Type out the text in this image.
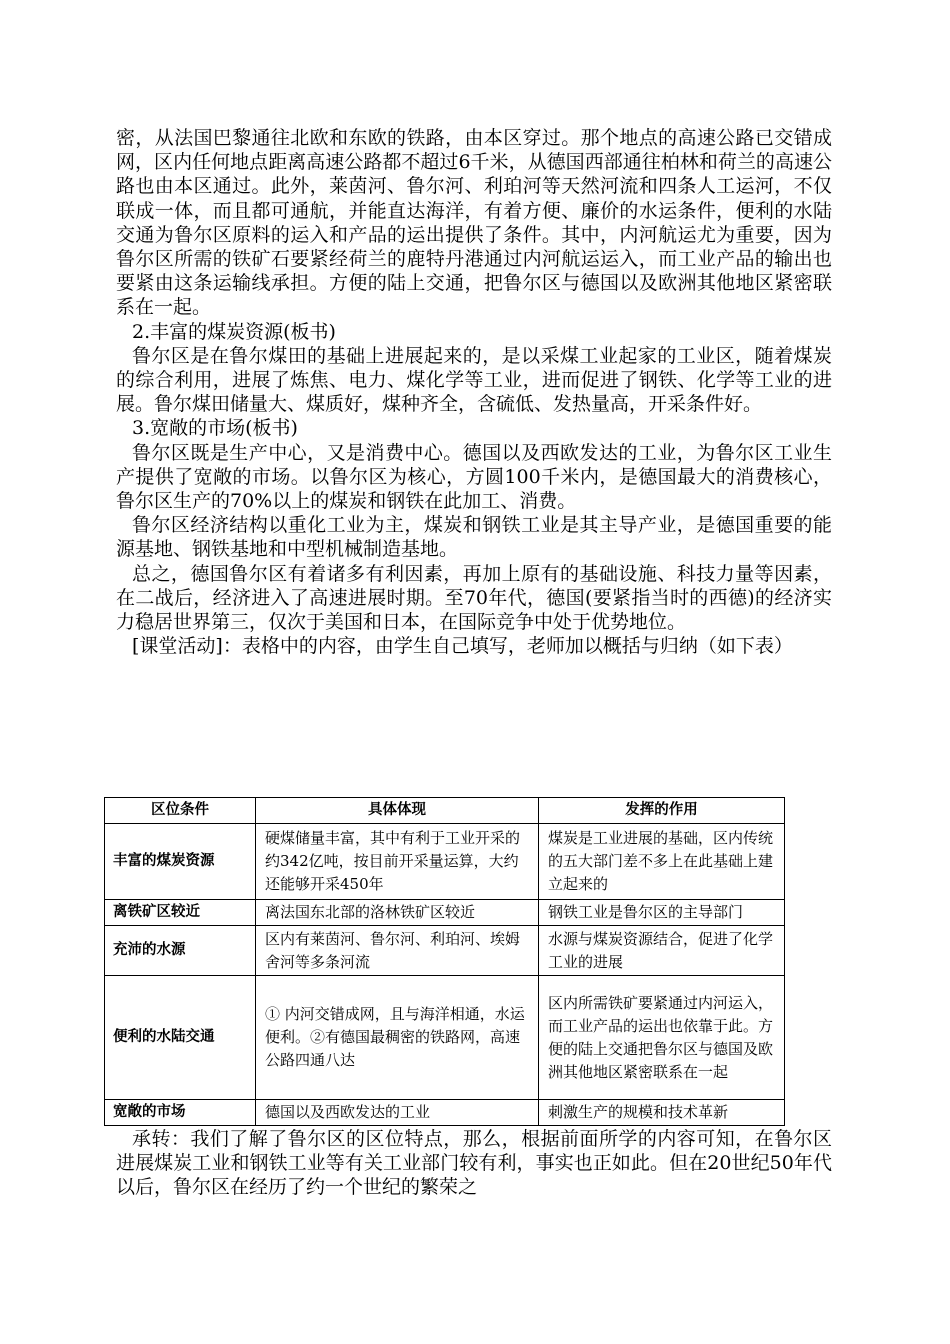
密，从法国巴黎通往北欧和东欧的铁路，由本区穿过。那个地点的高速公路已交错成网，区内任何地点距离高速公路都不超过6千米，从德国西部通往柏林和荷兰的高速公路也由本区通过。此外，莱茵河、鲁尔河、利珀河等天然河流和四条人工运河，不仅联成一体，而且都可通航，并能直达海洋，有着方便、廉价的水运条件，便利的水陆交通为鲁尔区原料的运入和产品的运出提供了条件。其中，内河航运尤为重要，因为鲁尔区所需的铁矿石要紧经荷兰的鹿特丹港通过内河航运运入，而工业产品的输出也要紧由这条运输线承担。方便的陆上交通，把鲁尔区与德国以及欧洲其他地区紧密联系在一起。

2.丰富的煤炭资源(板书)

鲁尔区是在鲁尔煤田的基础上进展起来的，是以采煤工业起家的工业区，随着煤炭的综合利用，进展了炼焦、电力、煤化学等工业，进而促进了钢铁、化学等工业的进展。鲁尔煤田储量大、煤质好，煤种齐全，含硫低、发热量高，开采条件好。

3.宽敞的市场(板书)

鲁尔区既是生产中心，又是消费中心。德国以及西欧发达的工业，为鲁尔区工业生产提供了宽敞的市场。以鲁尔区为核心，方圆100千米内，是德国最大的消费核心，鲁尔区生产的70%以上的煤炭和钢铁在此加工、消费。

鲁尔区经济结构以重化工业为主，煤炭和钢铁工业是其主导产业，是德国重要的能源基地、钢铁基地和中型机械制造基地。

总之，德国鲁尔区有着诸多有利因素，再加上原有的基础设施、科技力量等因素，在二战后，经济进入了高速进展时期。至70年代，德国(要紧指当时的西德)的经济实力稳居世界第三，仅次于美国和日本，在国际竞争中处于优势地位。

[课堂活动]：表格中的内容，由学生自己填写，老师加以概括与归纳（如下表）

区位条件	具体体现	发挥的作用
丰富的煤炭资源	硬煤储量丰富，其中有利于工业开采的约342亿吨，按目前开采量运算，大约还能够开采450年	煤炭是工业进展的基础，区内传统的五大部门差不多上在此基础上建立起来的
离铁矿区较近	离法国东北部的洛林铁矿区较近	钢铁工业是鲁尔区的主导部门
充沛的水源	区内有莱茵河、鲁尔河、利珀河、埃姆舍河等多条河流	水源与煤炭资源结合，促进了化学工业的进展
便利的水陆交通	① 内河交错成网，且与海洋相通，水运便利。②有德国最稠密的铁路网，高速公路四通八达	区内所需铁矿要紧通过内河运入，而工业产品的运出也依靠于此。方便的陆上交通把鲁尔区与德国及欧洲其他地区紧密联系在一起
宽敞的市场	德国以及西欧发达的工业	刺激生产的规模和技术革新

承转：我们了解了鲁尔区的区位特点，那么，根据前面所学的内容可知，在鲁尔区进展煤炭工业和钢铁工业等有关工业部门较有利，事实也正如此。但在20世纪50年代以后，鲁尔区在经历了约一个世纪的繁荣之
